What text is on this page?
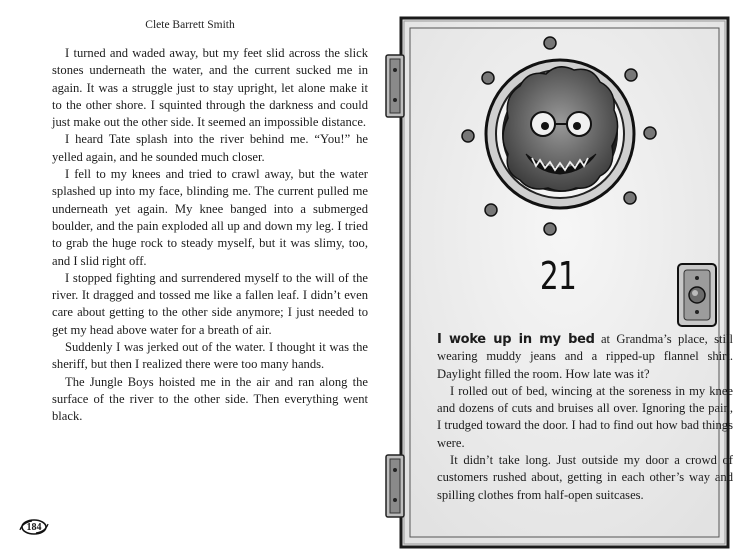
Clete Barrett Smith

I turned and waded away, but my feet slid across the slick stones underneath the water, and the current sucked me in again. It was a struggle just to stay upright, let alone make it to the other shore. I squinted through the darkness and could just make out the other side. It seemed an impossible distance.

I heard Tate splash into the river behind me. “You!” he yelled again, and he sounded much closer.

I fell to my knees and tried to crawl away, but the water splashed up into my face, blinding me. The current pulled me underneath yet again. My knee banged into a submerged boulder, and the pain exploded all up and down my leg. I tried to grab the huge rock to steady myself, but it was slimy, too, and I slid right off.

I stopped fighting and surrendered myself to the will of the river. It dragged and tossed me like a fallen leaf. I didn’t even care about getting to the other side anymore; I just needed to get my head above water for a breath of air.

Suddenly I was jerked out of the water. I thought it was the sheriff, but then I realized there were too many hands.

The Jungle Boys hoisted me in the air and ran along the surface of the river to the other side. Then everything went black.

184
21

I woke up in my bed at Grandma’s place, still wearing muddy jeans and a ripped-up flannel shirt. Daylight filled the room. How late was it?

I rolled out of bed, wincing at the soreness in my knee and dozens of cuts and bruises all over. Ignoring the pain, I trudged toward the door. I had to find out how bad things were.

It didn’t take long. Just outside my door a crowd of customers rushed about, getting in each other’s way and spilling clothes from half-open suitcases.
